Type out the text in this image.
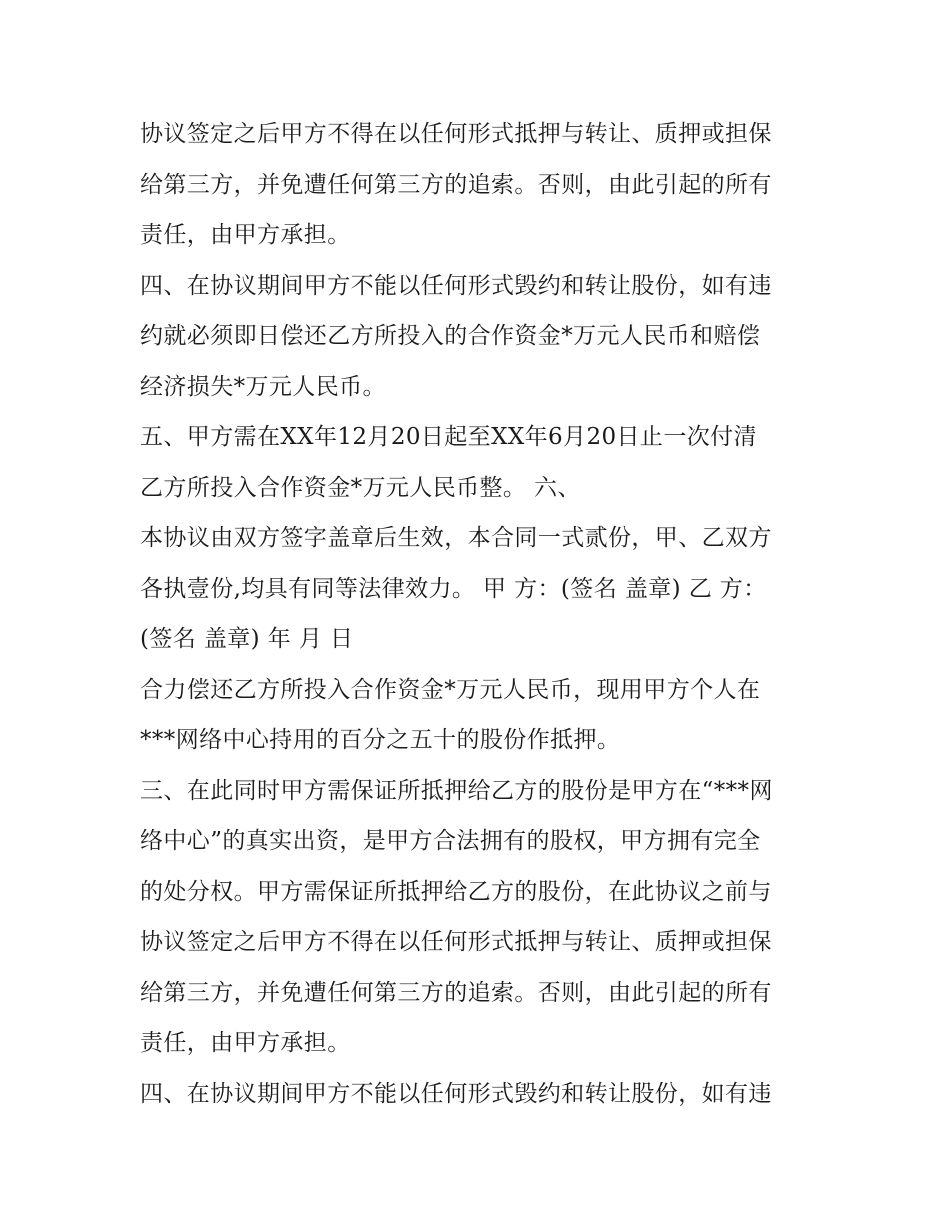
协议签定之后甲方不得在以任何形式抵押与转让、质押或担保
给第三方，并免遭任何第三方的追索。否则，由此引起的所有
责任，由甲方承担。
四、在协议期间甲方不能以任何形式毁约和转让股份，如有违
约就必须即日偿还乙方所投入的合作资金*万元人民币和赔偿
经济损失*万元人民币。
五、甲方需在XX年12月20日起至XX年6月20日止一次付清
乙方所投入合作资金*万元人民币整。 六、
本协议由双方签字盖章后生效，本合同一式贰份，甲、乙双方
各执壹份,均具有同等法律效力。 甲 方：(签名 盖章) 乙 方：
(签名 盖章) 年 月 日
合力偿还乙方所投入合作资金*万元人民币，现用甲方个人在
***网络中心持用的百分之五十的股份作抵押。
三、在此同时甲方需保证所抵押给乙方的股份是甲方在“***网
络中心”的真实出资，是甲方合法拥有的股权，甲方拥有完全
的处分权。甲方需保证所抵押给乙方的股份，在此协议之前与
协议签定之后甲方不得在以任何形式抵押与转让、质押或担保
给第三方，并免遭任何第三方的追索。否则，由此引起的所有
责任，由甲方承担。
四、在协议期间甲方不能以任何形式毁约和转让股份，如有违
